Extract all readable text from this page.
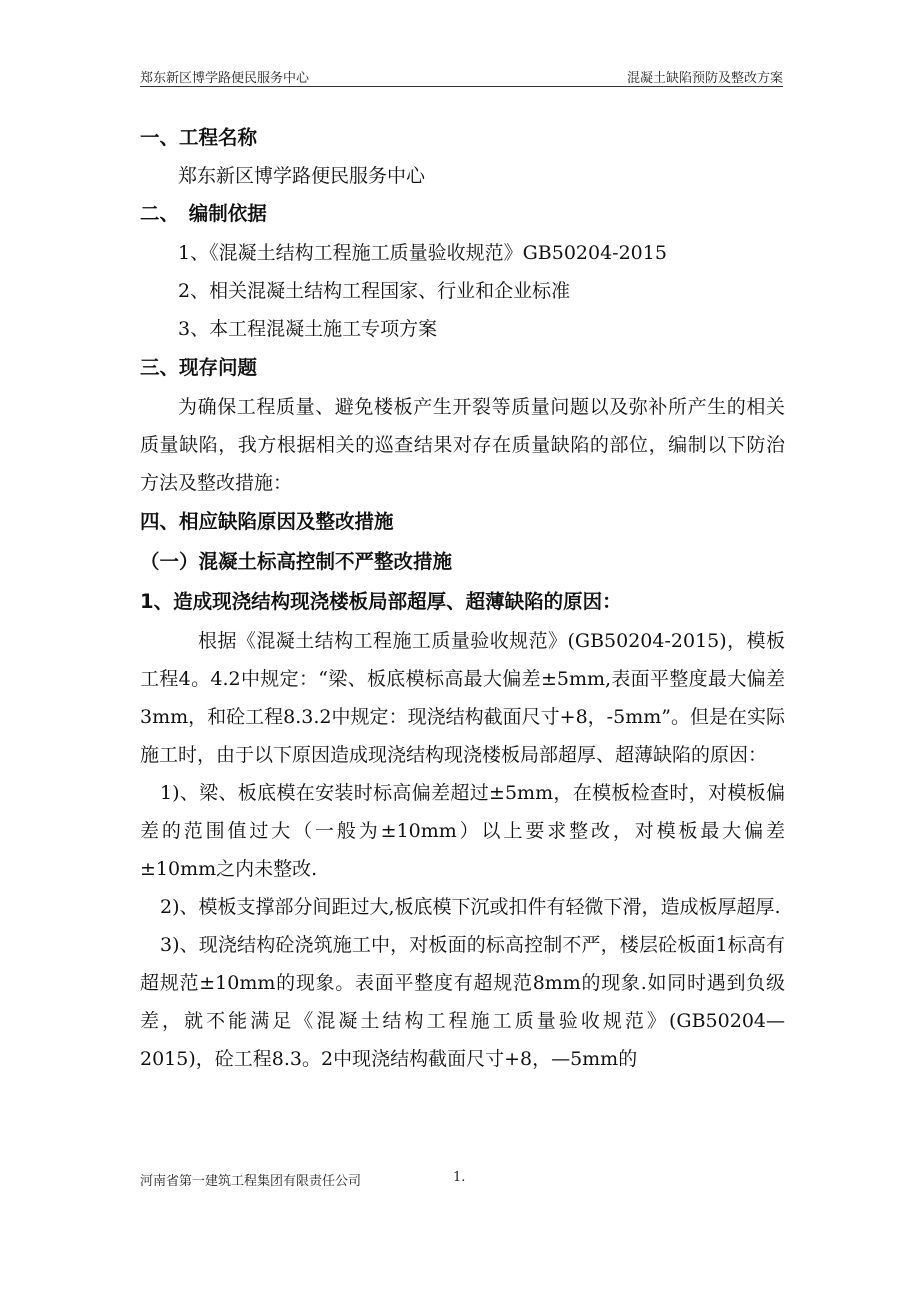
郑东新区博学路便民服务中心	混凝土缺陷预防及整改方案
一、工程名称
郑东新区博学路便民服务中心
二、　编制依据
1、《混凝土结构工程施工质量验收规范》GB50204-2015
2、相关混凝土结构工程国家、行业和企业标准
3、本工程混凝土施工专项方案
三、现存问题
为确保工程质量、避免楼板产生开裂等质量问题以及弥补所产生的相关质量缺陷，我方根据相关的巡查结果对存在质量缺陷的部位，编制以下防治方法及整改措施：
四、相应缺陷原因及整改措施
（一）混凝土标高控制不严整改措施
1、造成现浇结构现浇楼板局部超厚、超薄缺陷的原因：
根据《混凝土结构工程施工质量验收规范》(GB50204-2015)，模板工程4。4.2中规定：“梁、板底模标高最大偏差±5mm,表面平整度最大偏差3mm，和砼工程8.3.2中规定：现浇结构截面尺寸+8，-5mm”。但是在实际施工时，由于以下原因造成现浇结构现浇楼板局部超厚、超薄缺陷的原因：
1)、梁、板底模在安装时标高偏差超过±5mm，在模板检查时，对模板偏差的范围值过大（一般为±10mm）以上要求整改，对模板最大偏差±10mm之内未整改.
2)、模板支撑部分间距过大,板底模下沉或扣件有轻微下滑，造成板厚超厚.
3)、现浇结构砼浇筑施工中，对板面的标高控制不严，楼层砼板面1标高有超规范±10mm的现象。表面平整度有超规范8mm的现象.如同时遇到负级差，就不能满足《混凝土结构工程施工质量验收规范》(GB50204—2015)，砼工程8.3。2中现浇结构截面尺寸+8，—5mm的
河南省第一建筑工程集团有限责任公司	1.
